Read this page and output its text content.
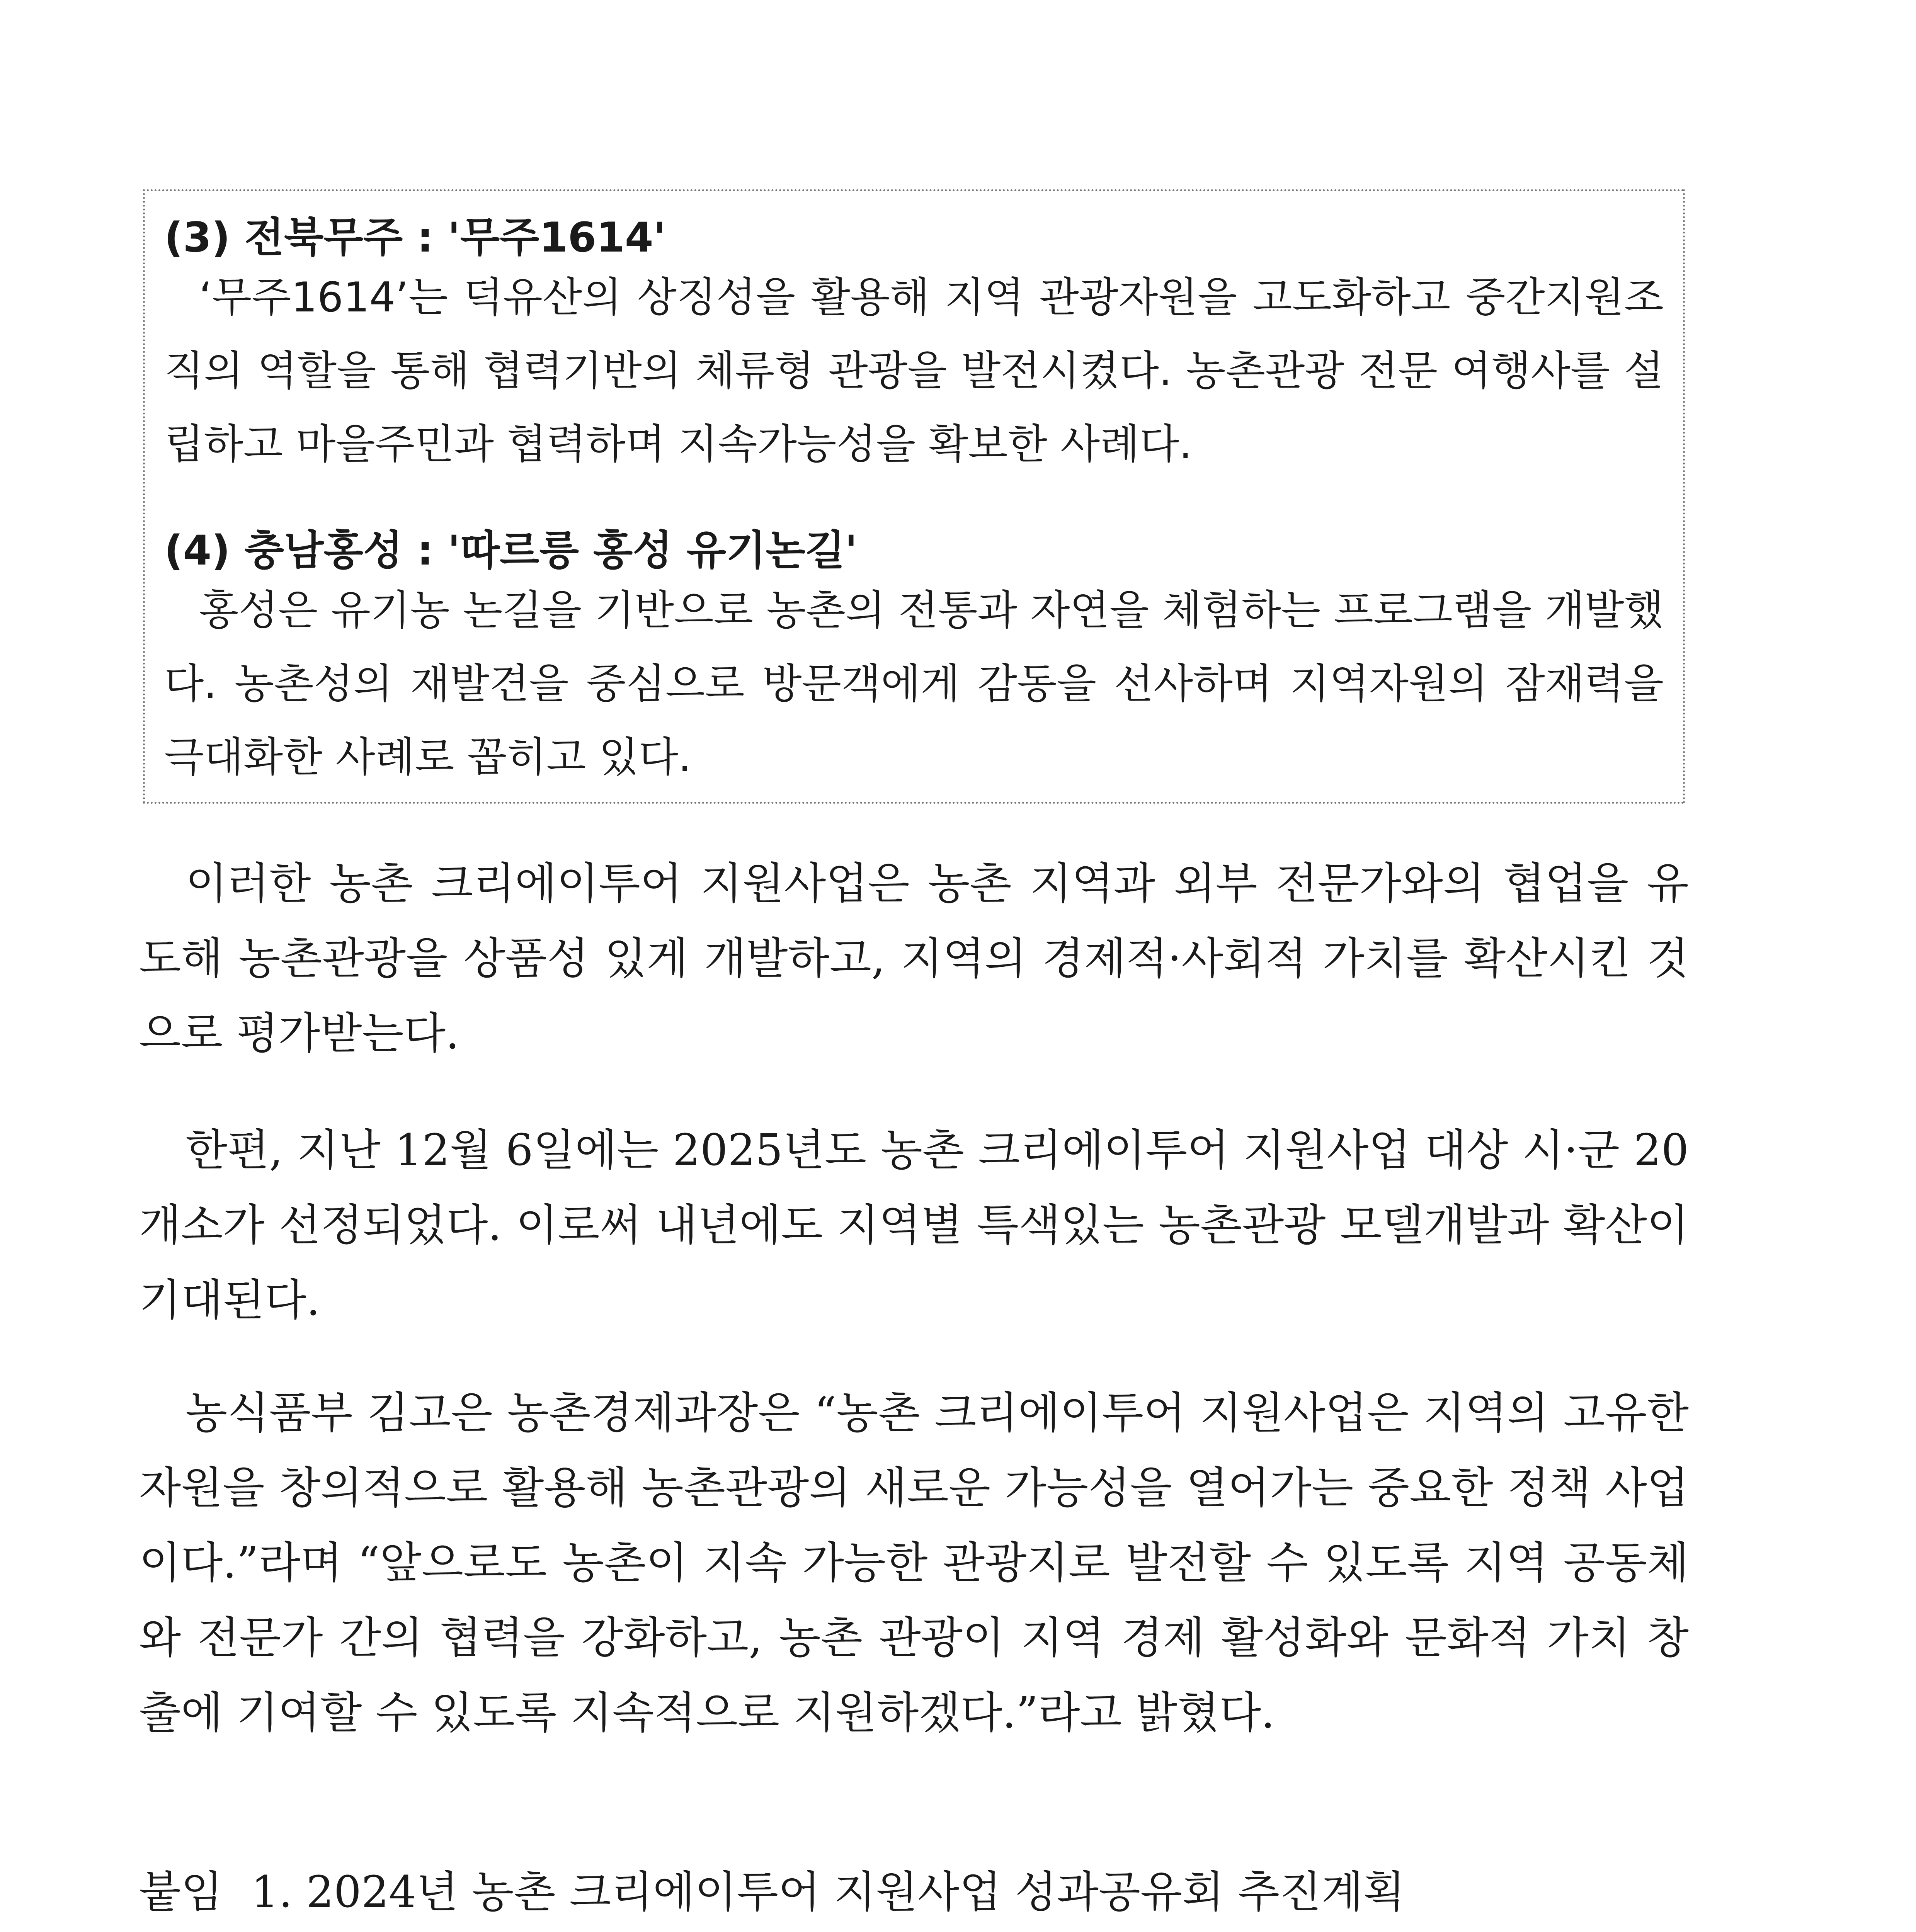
(3) 전북무주 : '무주1614'

‘무주1614’는 덕유산의 상징성을 활용해 지역 관광자원을 고도화하고 중간지원조직의 역할을 통해 협력기반의 체류형 관광을 발전시켰다. 농촌관광 전문 여행사를 설립하고 마을주민과 협력하며 지속가능성을 확보한 사례다.

(4) 충남홍성 : '따르릉 홍성 유기논길'

홍성은 유기농 논길을 기반으로 농촌의 전통과 자연을 체험하는 프로그램을 개발했다. 농촌성의 재발견을 중심으로 방문객에게 감동을 선사하며 지역자원의 잠재력을 극대화한 사례로 꼽히고 있다.

이러한 농촌 크리에이투어 지원사업은 농촌 지역과 외부 전문가와의 협업을 유도해 농촌관광을 상품성 있게 개발하고, 지역의 경제적·사회적 가치를 확산시킨 것으로 평가받는다.

한편, 지난 12월 6일에는 2025년도 농촌 크리에이투어 지원사업 대상 시·군 20개소가 선정되었다. 이로써 내년에도 지역별 특색있는 농촌관광 모델개발과 확산이 기대된다.

농식품부 김고은 농촌경제과장은 “농촌 크리에이투어 지원사업은 지역의 고유한 자원을 창의적으로 활용해 농촌관광의 새로운 가능성을 열어가는 중요한 정책 사업이다.”라며 “앞으로도 농촌이 지속 가능한 관광지로 발전할 수 있도록 지역 공동체와 전문가 간의 협력을 강화하고, 농촌 관광이 지역 경제 활성화와 문화적 가치 창출에 기여할 수 있도록 지속적으로 지원하겠다.”라고 밝혔다.

붙임 1. 2024년 농촌 크리에이투어 지원사업 성과공유회 추진계획
